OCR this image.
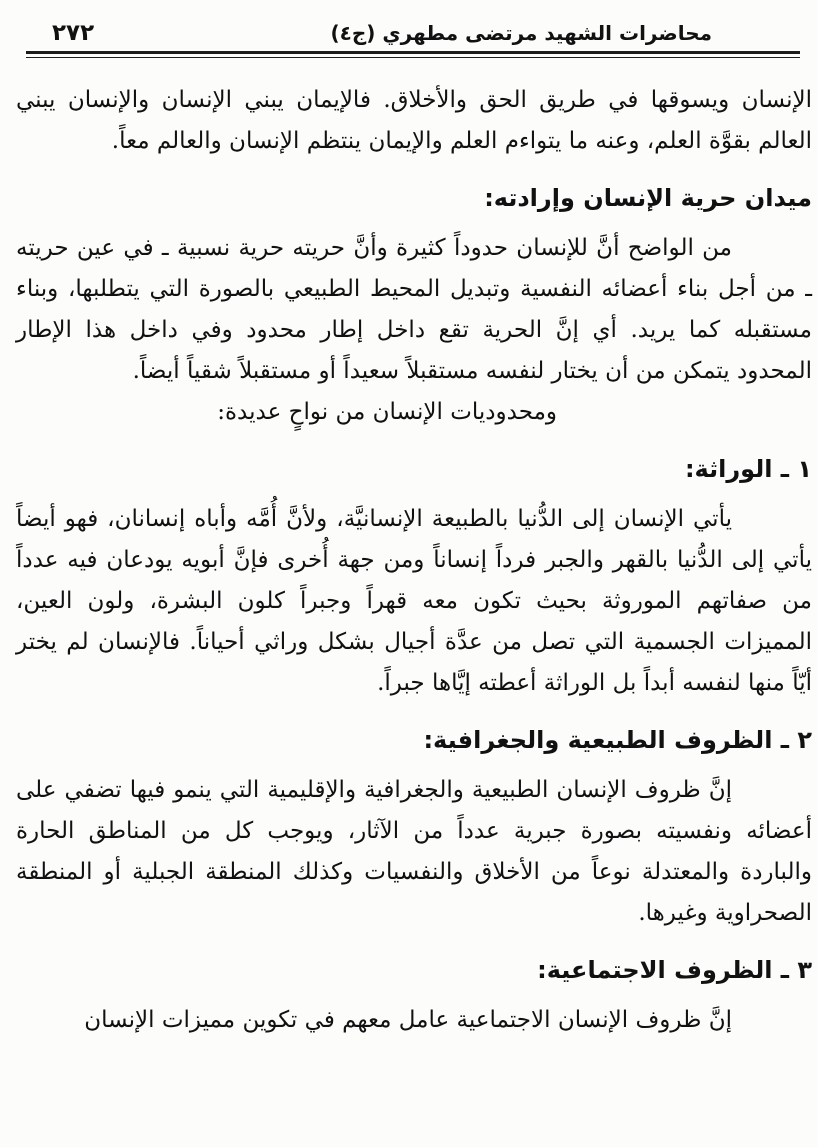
٢٧٢	محاضرات الشهيد مرتضى مطهري (ج٤)

الإنسان ويسوقها في طريق الحق والأخلاق. فالإيمان يبني الإنسان والإنسان يبني العالم بقوَّة العلم، وعنه ما يتواءم العلم والإيمان ينتظم الإنسان والعالم معاً.

ميدان حرية الإنسان وإرادته:

من الواضح أنَّ للإنسان حدوداً كثيرة وأنَّ حريته حرية نسبية ـ في عين حريته ـ من أجل بناء أعضائه النفسية وتبديل المحيط الطبيعي بالصورة التي يتطلبها، وبناء مستقبله كما يريد. أي إنَّ الحرية تقع داخل إطار محدود وفي داخل هذا الإطار المحدود يتمكن من أن يختار لنفسه مستقبلاً سعيداً أو مستقبلاً شقياً أيضاً.

ومحدوديات الإنسان من نواحٍ عديدة:

١ ـ الوراثة:

يأتي الإنسان إلى الدُّنيا بالطبيعة الإنسانيَّة، ولأنَّ أُمَّه وأباه إنسانان، فهو أيضاً يأتي إلى الدُّنيا بالقهر والجبر فرداً إنساناً ومن جهة أُخرى فإنَّ أبويه يودعان فيه عدداً من صفاتهم الموروثة بحيث تكون معه قهراً وجبراً كلون البشرة، ولون العين، المميزات الجسمية التي تصل من عدَّة أجيال بشكل وراثي أحياناً. فالإنسان لم يختر أيّاً منها لنفسه أبداً بل الوراثة أعطته إيَّاها جبراً.

٢ ـ الظروف الطبيعية والجغرافية:

إنَّ ظروف الإنسان الطبيعية والجغرافية والإقليمية التي ينمو فيها تضفي على أعضائه ونفسيته بصورة جبرية عدداً من الآثار، ويوجب كل من المناطق الحارة والباردة والمعتدلة نوعاً من الأخلاق والنفسيات وكذلك المنطقة الجبلية أو المنطقة الصحراوية وغيرها.

٣ ـ الظروف الاجتماعية:

إنَّ ظروف الإنسان الاجتماعية عامل معهم في تكوين مميزات الإنسان
